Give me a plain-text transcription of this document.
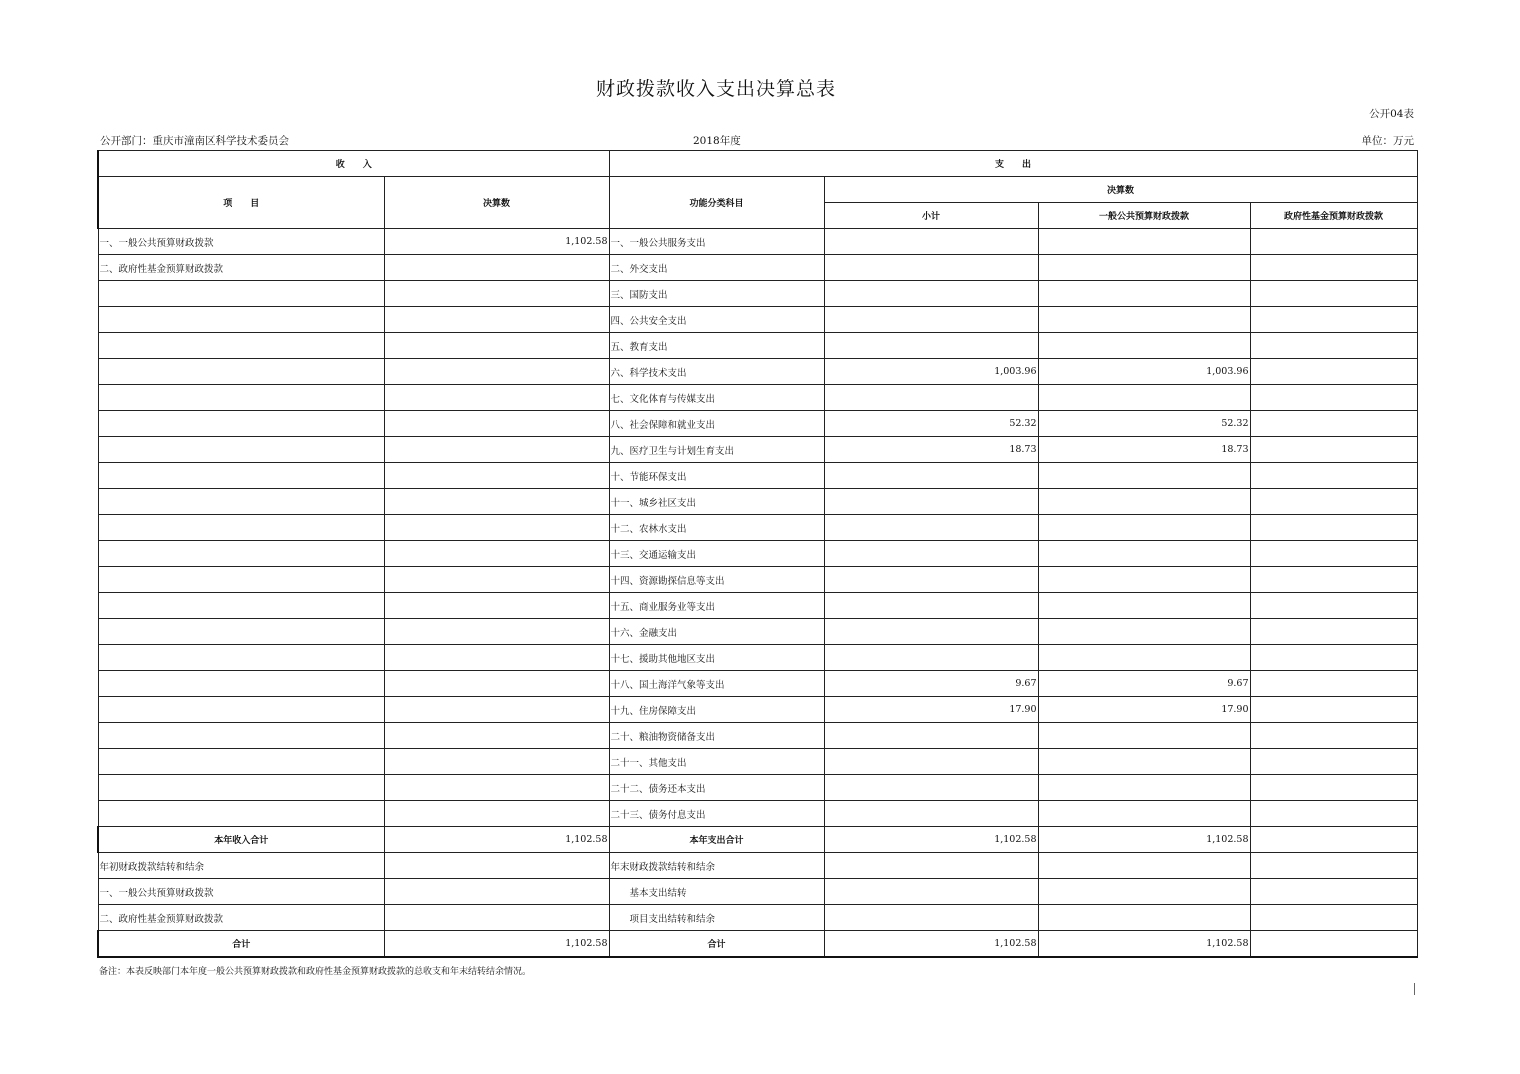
财政拨款收入支出决算总表
公开04表
公开部门：重庆市潼南区科学技术委员会	2018年度	单位：万元
收　　入		支　　出			
项　　目	决算数	功能分类科目	决算数		
			小计	一般公共预算财政拨款	政府性基金预算财政拨款
一、一般公共预算财政拨款	1,102.58	一、一般公共服务支出			
二、政府性基金预算财政拨款		二、外交支出			
		三、国防支出			
		四、公共安全支出			
		五、教育支出			
		六、科学技术支出	1,003.96	1,003.96	
		七、文化体育与传媒支出			
		八、社会保障和就业支出	52.32	52.32	
		九、医疗卫生与计划生育支出	18.73	18.73	
		十、节能环保支出			
		十一、城乡社区支出			
		十二、农林水支出			
		十三、交通运输支出			
		十四、资源勘探信息等支出			
		十五、商业服务业等支出			
		十六、金融支出			
		十七、援助其他地区支出			
		十八、国土海洋气象等支出	9.67	9.67	
		十九、住房保障支出	17.90	17.90	
		二十、粮油物资储备支出			
		二十一、其他支出			
		二十二、债务还本支出			
		二十三、债务付息支出			
本年收入合计	1,102.58	本年支出合计	1,102.58	1,102.58	
年初财政拨款结转和结余		年末财政拨款结转和结余			
一、一般公共预算财政拨款		基本支出结转			
二、政府性基金预算财政拨款		项目支出结转和结余			
合计	1,102.58	合计	1,102.58	1,102.58	
备注：本表反映部门本年度一般公共预算财政拨款和政府性基金预算财政拨款的总收支和年末结转结余情况。
